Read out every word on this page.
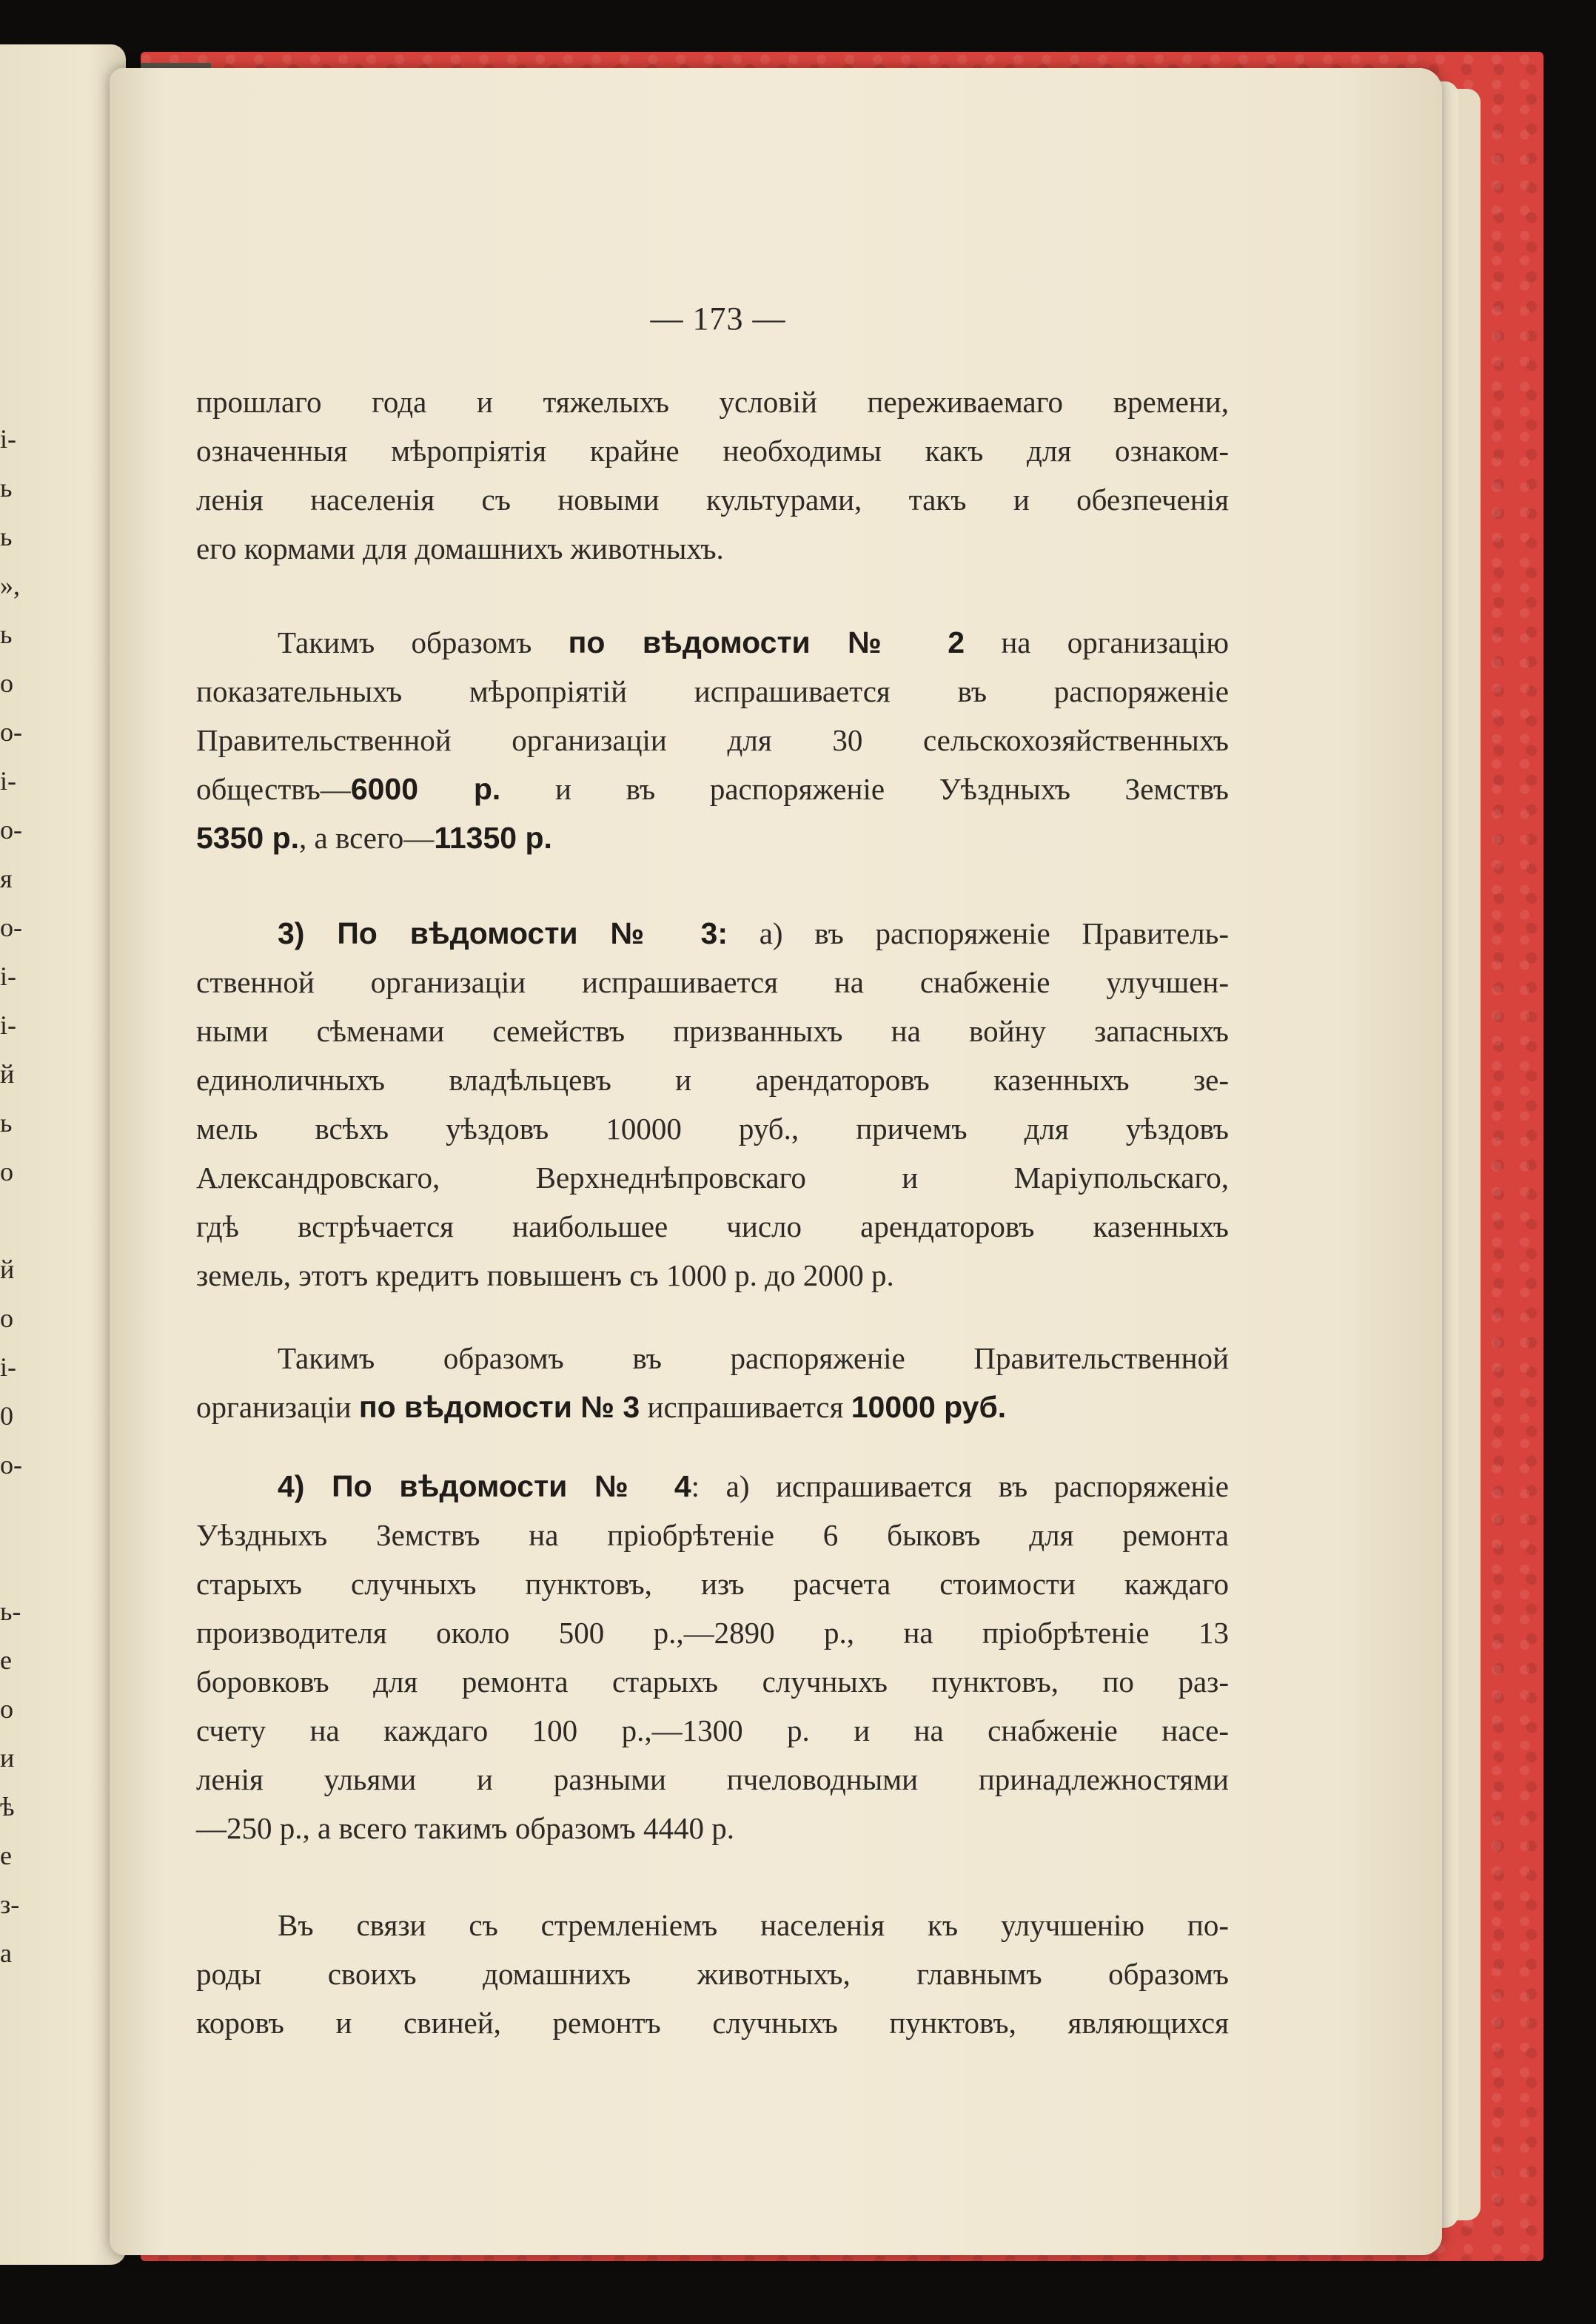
і-
ь
ь
»,
ь
о
о-
і-
о-
я
о-
і-
і-
й
ь
о
й
о
і-
0
о-
ь-
е
о
и
ѣ
е
з-
а
— 173 —
прошлаго года и тяжелыхъ условій переживаемаго времени,
означенныя мѣропріятія крайне необходимы какъ для ознаком-
ленія населенія съ новыми культурами, такъ и обезпеченія
его кормами для домашнихъ животныхъ.
Такимъ образомъ по вѣдомости № 2 на организацію
показательныхъ мѣропріятій испрашивается въ распоряженіе
Правительственной организаціи для 30 сельскохозяйственныхъ
обществъ—6000 р. и въ распоряженіе Уѣздныхъ Земствъ
5350 р., а всего—11350 р.
3) По вѣдомости № 3: а) въ распоряженіе Правитель-
ственной организаціи испрашивается на снабженіе улучшен-
ными сѣменами семействъ призванныхъ на войну запасныхъ
единоличныхъ владѣльцевъ и арендаторовъ казенныхъ зе-
мель всѣхъ уѣздовъ 10000 руб., причемъ для уѣздовъ
Александровскаго, Верхнеднѣпровскаго и Маріупольскаго,
гдѣ встрѣчается наибольшее число арендаторовъ казенныхъ
земель, этотъ кредитъ повышенъ съ 1000 р. до 2000 р.
Такимъ образомъ въ распоряженіе Правительственной
организаціи по вѣдомости № 3 испрашивается 10000 руб.
4) По вѣдомости № 4: а) испрашивается въ распоряженіе
Уѣздныхъ Земствъ на пріобрѣтеніе 6 быковъ для ремонта
старыхъ случныхъ пунктовъ, изъ расчета стоимости каждаго
производителя около 500 р.,—2890 р., на пріобрѣтеніе 13
боровковъ для ремонта старыхъ случныхъ пунктовъ, по раз-
счету на каждаго 100 р.,—1300 р. и на снабженіе насе-
ленія ульями и разными пчеловодными принадлежностями
—250 р., а всего такимъ образомъ 4440 р.
Въ связи съ стремленіемъ населенія къ улучшенію по-
роды своихъ домашнихъ животныхъ, главнымъ образомъ
коровъ и свиней, ремонтъ случныхъ пунктовъ, являющихся
